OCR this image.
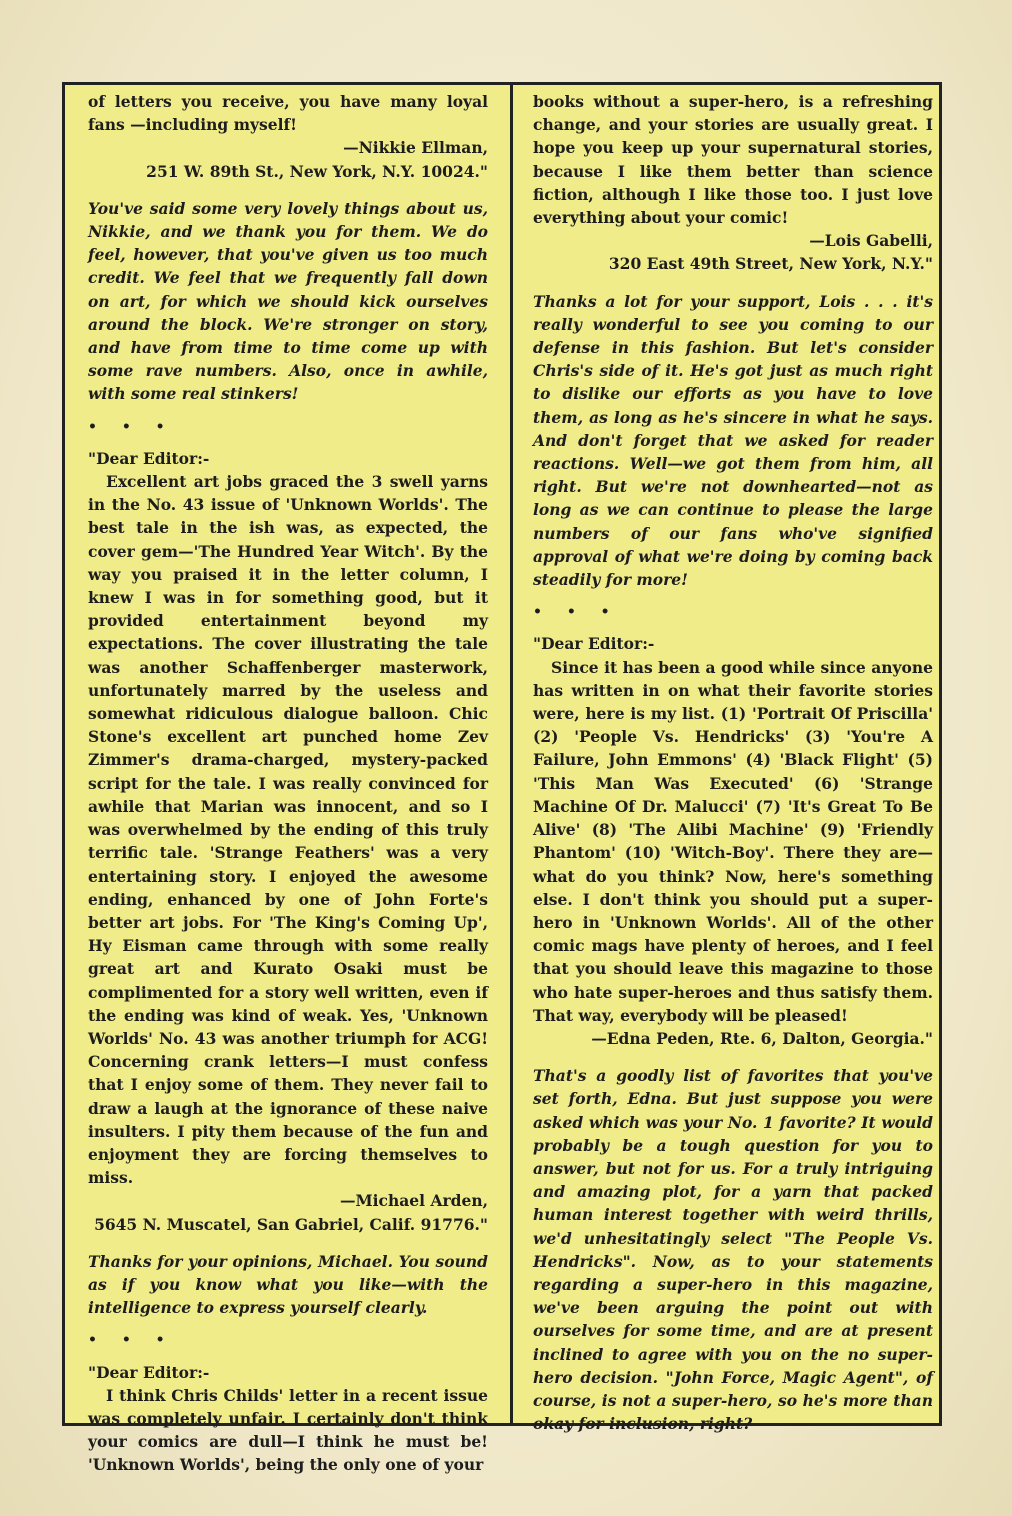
of letters you receive, you have many loyal fans —including myself!

—Nikkie Ellman,

251 W. 89th St., New York, N.Y. 10024."

You've said some very lovely things about us, Nikkie, and we thank you for them. We do feel, however, that you've given us too much credit. We feel that we frequently fall down on art, for which we should kick ourselves around the block. We're stronger on story, and have from time to time come up with some rave numbers. Also, once in awhile, with some real stinkers!

• • •

"Dear Editor:-

Excellent art jobs graced the 3 swell yarns in the No. 43 issue of 'Unknown Worlds'. The best tale in the ish was, as expected, the cover gem—'The Hundred Year Witch'. By the way you praised it in the letter column, I knew I was in for something good, but it provided entertainment beyond my expectations. The cover illustrating the tale was another Schaffenberger masterwork, unfortunately marred by the useless and somewhat ridiculous dialogue balloon. Chic Stone's excellent art punched home Zev Zimmer's drama-charged, mystery-packed script for the tale. I was really convinced for awhile that Marian was innocent, and so I was overwhelmed by the ending of this truly terrific tale. 'Strange Feathers' was a very entertaining story. I enjoyed the awesome ending, enhanced by one of John Forte's better art jobs. For 'The King's Coming Up', Hy Eisman came through with some really great art and Kurato Osaki must be complimented for a story well written, even if the ending was kind of weak. Yes, 'Unknown Worlds' No. 43 was another triumph for ACG! Concerning crank letters—I must confess that I enjoy some of them. They never fail to draw a laugh at the ignorance of these naive insulters. I pity them because of the fun and enjoyment they are forcing themselves to miss.

—Michael Arden,

5645 N. Muscatel, San Gabriel, Calif. 91776."

Thanks for your opinions, Michael. You sound as if you know what you like—with the intelligence to express yourself clearly.

• • •

"Dear Editor:-

I think Chris Childs' letter in a recent issue was completely unfair. I certainly don't think your comics are dull—I think he must be! 'Unknown Worlds', being the only one of your

books without a super-hero, is a refreshing change, and your stories are usually great. I hope you keep up your supernatural stories, because I like them better than science fiction, although I like those too. I just love everything about your comic!

—Lois Gabelli,

320 East 49th Street, New York, N.Y."

Thanks a lot for your support, Lois . . . it's really wonderful to see you coming to our defense in this fashion. But let's consider Chris's side of it. He's got just as much right to dislike our efforts as you have to love them, as long as he's sincere in what he says. And don't forget that we asked for reader reactions. Well—we got them from him, all right. But we're not downhearted—not as long as we can continue to please the large numbers of our fans who've signified approval of what we're doing by coming back steadily for more!

• • •

"Dear Editor:-

Since it has been a good while since anyone has written in on what their favorite stories were, here is my list. (1) 'Portrait Of Priscilla' (2) 'People Vs. Hendricks' (3) 'You're A Failure, John Emmons' (4) 'Black Flight' (5) 'This Man Was Executed' (6) 'Strange Machine Of Dr. Malucci' (7) 'It's Great To Be Alive' (8) 'The Alibi Machine' (9) 'Friendly Phantom' (10) 'Witch-Boy'. There they are—what do you think? Now, here's something else. I don't think you should put a super-hero in 'Unknown Worlds'. All of the other comic mags have plenty of heroes, and I feel that you should leave this magazine to those who hate super-heroes and thus satisfy them. That way, everybody will be pleased!

—Edna Peden, Rte. 6, Dalton, Georgia."

That's a goodly list of favorites that you've set forth, Edna. But just suppose you were asked which was your No. 1 favorite? It would probably be a tough question for you to answer, but not for us. For a truly intriguing and amazing plot, for a yarn that packed human interest together with weird thrills, we'd unhesitatingly select "The People Vs. Hendricks". Now, as to your statements regarding a super-hero in this magazine, we've been arguing the point out with ourselves for some time, and are at present inclined to agree with you on the no super-hero decision. "John Force, Magic Agent", of course, is not a super-hero, so he's more than okay for inclusion, right?
